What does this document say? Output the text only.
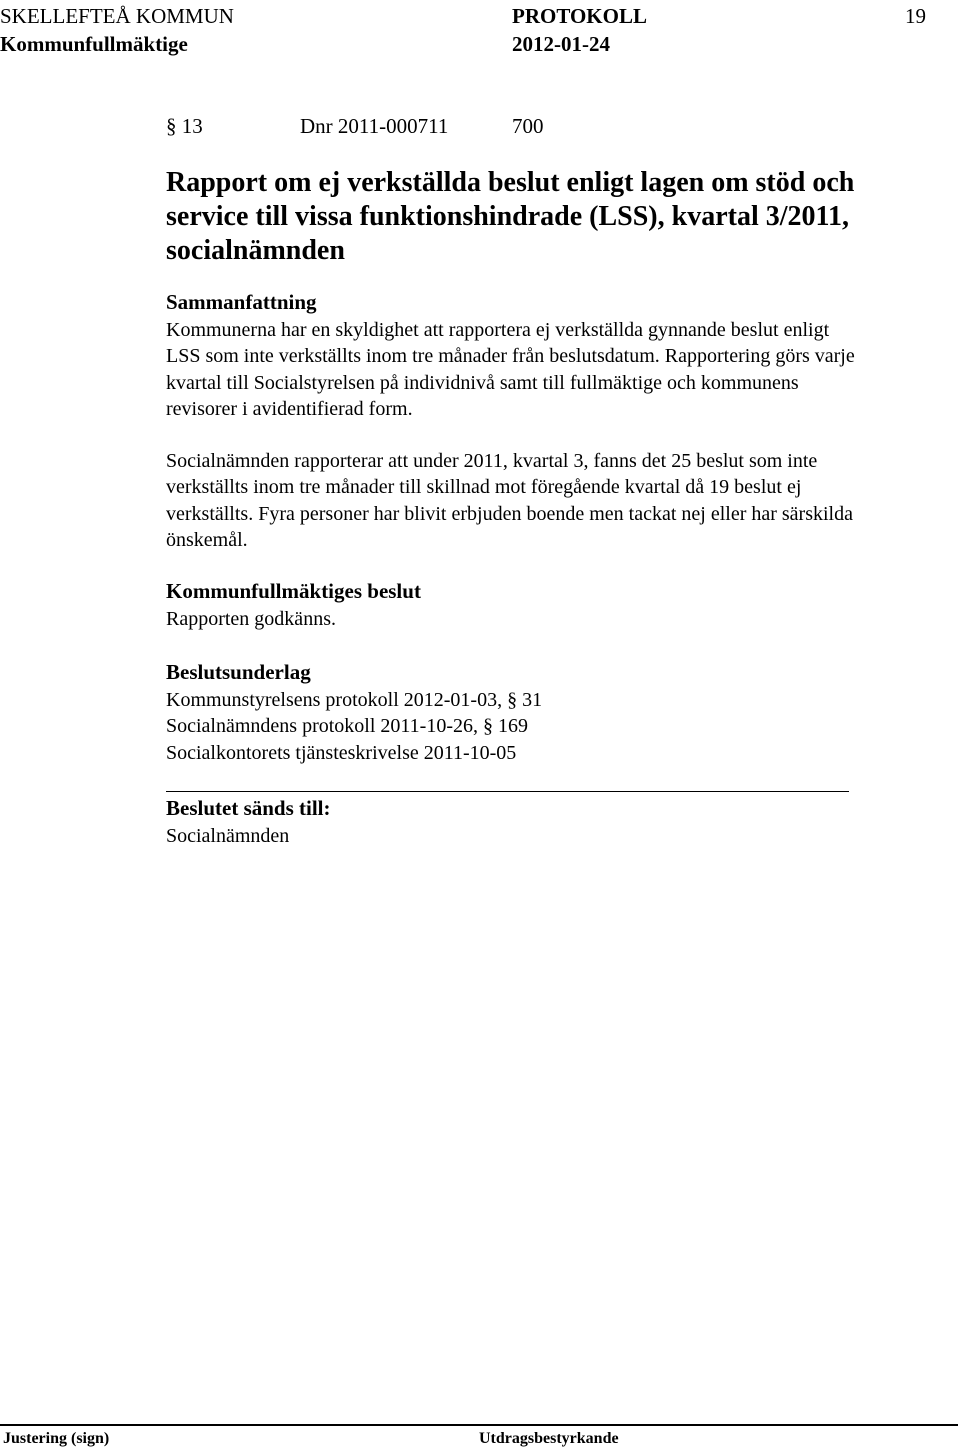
SKELLEFTEÅ KOMMUN	PROTOKOLL	19
Kommunfullmäktige	2012-01-24
§ 13	Dnr 2011-000711	700
Rapport om ej verkställda beslut enligt lagen om stöd och
service till vissa funktionshindrade (LSS), kvartal 3/2011,
socialnämnden
Sammanfattning
Kommunerna har en skyldighet att rapportera ej verkställda gynnande beslut enligt
LSS som inte verkställts inom tre månader från beslutsdatum. Rapportering görs varje
kvartal till Socialstyrelsen på individnivå samt till fullmäktige och kommunens
revisorer i avidentifierad form.
Socialnämnden rapporterar att under 2011, kvartal 3, fanns det 25 beslut som inte
verkställts inom tre månader till skillnad mot föregående kvartal då 19 beslut ej
verkställts. Fyra personer har blivit erbjuden boende men tackat nej eller har särskilda
önskemål.
Kommunfullmäktiges beslut
Rapporten godkänns.
Beslutsunderlag
Kommunstyrelsens protokoll 2012-01-03, § 31
Socialnämndens protokoll 2011-10-26, § 169
Socialkontorets tjänsteskrivelse 2011-10-05
Beslutet sänds till:
Socialnämnden
Justering (sign)	Utdragsbestyrkande
